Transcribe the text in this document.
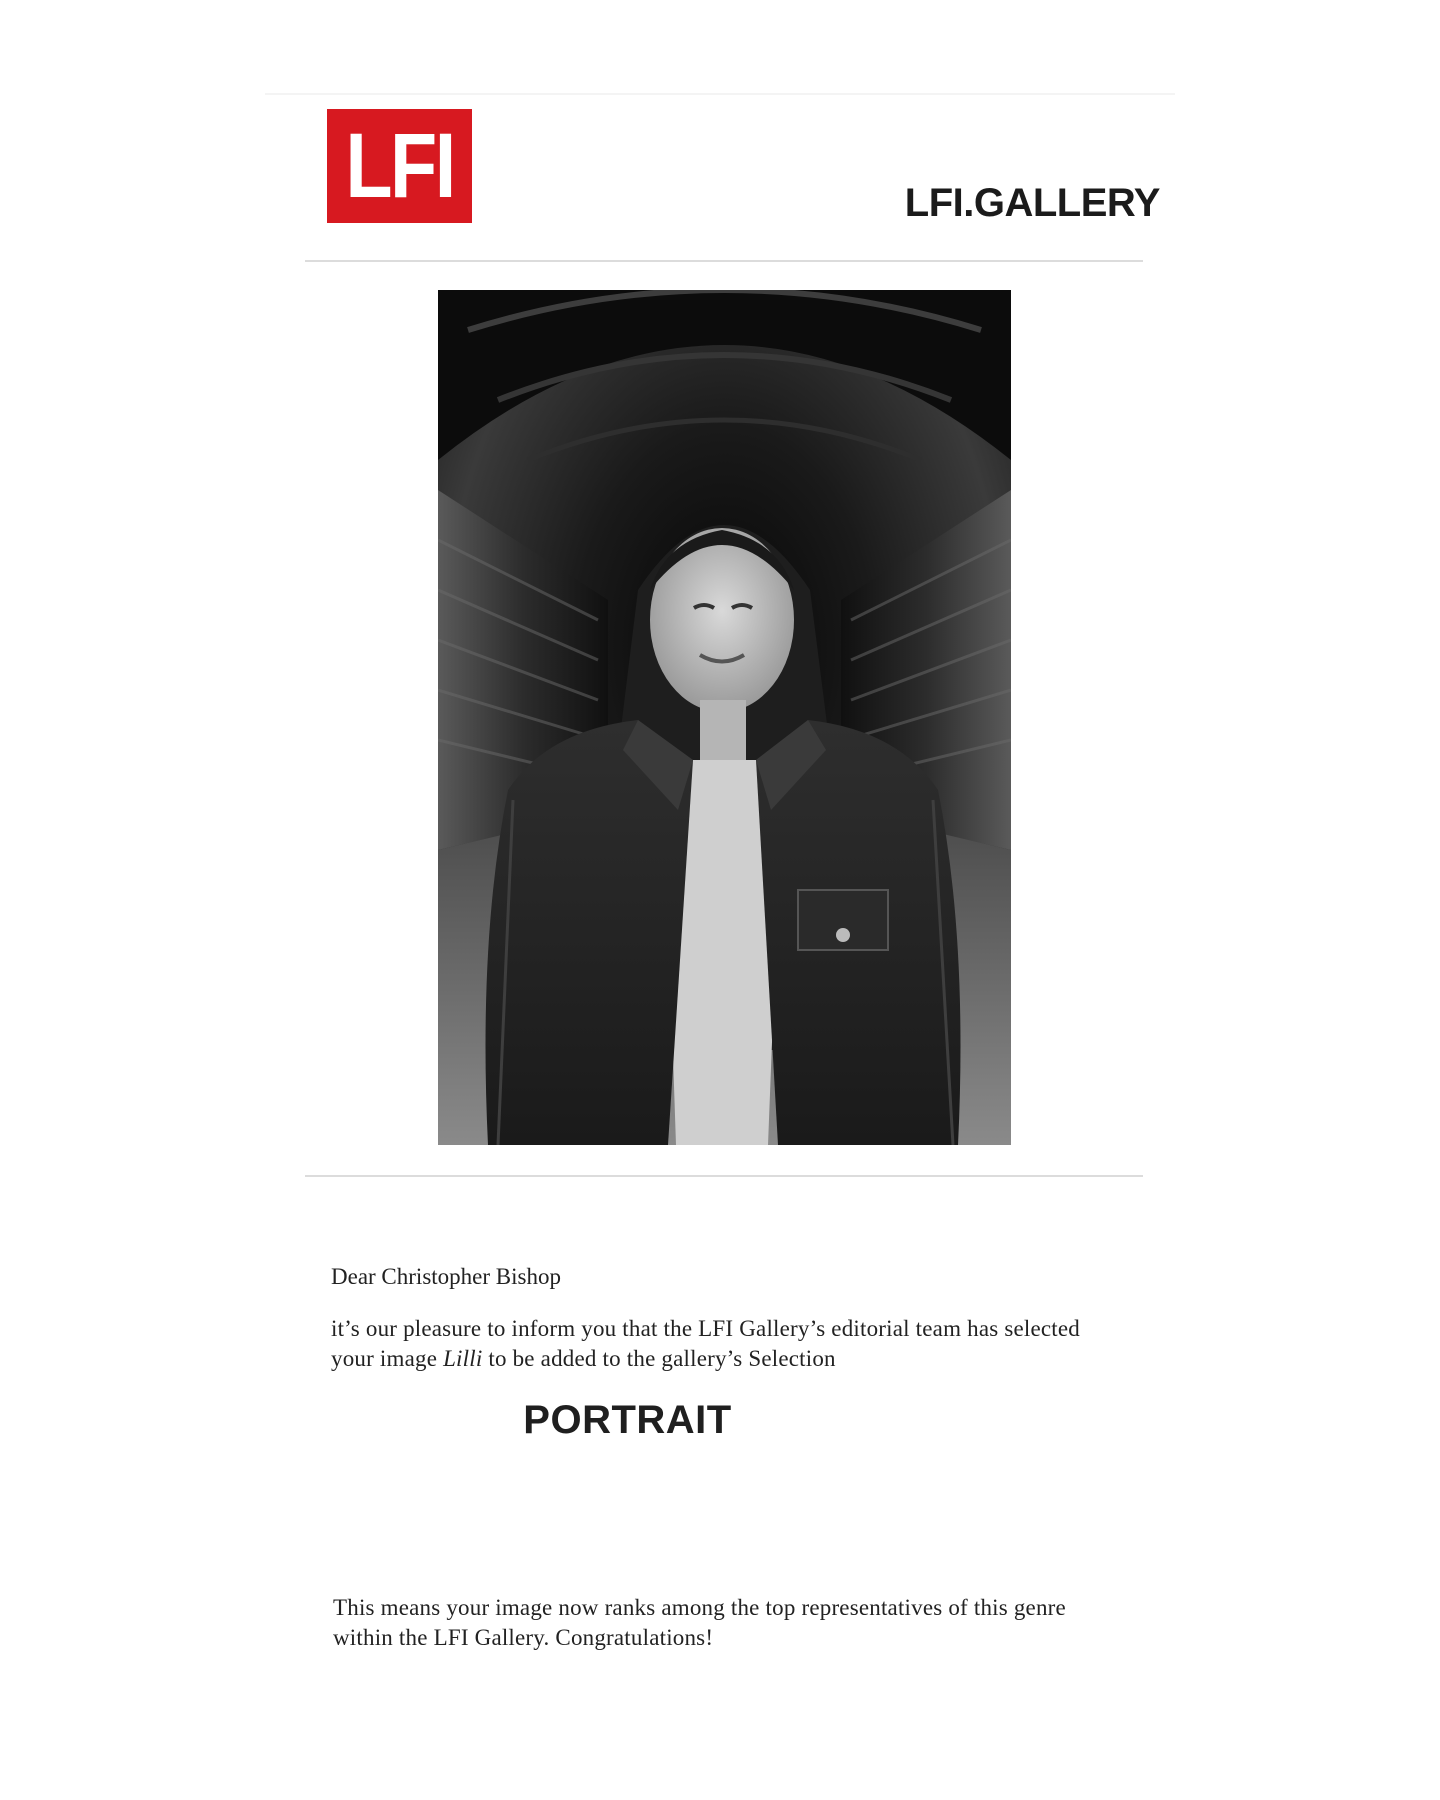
LFI	LFI.GALLERY
Dear Christopher Bishop
it’s our pleasure to inform you that the LFI Gallery’s editorial team has selected your image Lilli to be added to the gallery’s Selection
PORTRAIT
This means your image now ranks among the top representatives of this genre within the LFI Gallery. Congratulations!
